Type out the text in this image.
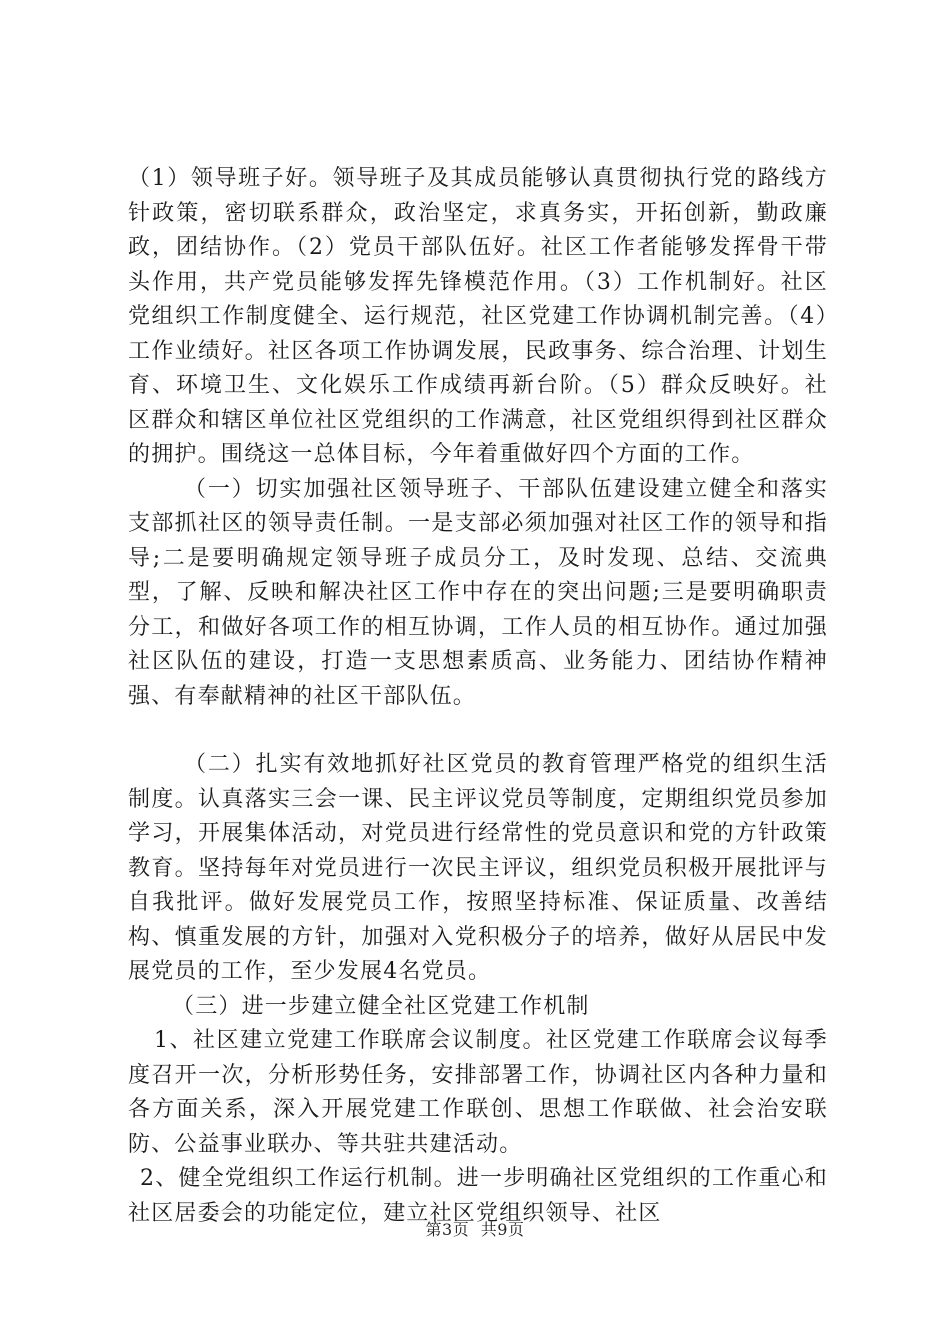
（1）领导班子好。领导班子及其成员能够认真贯彻执行党的路线方针政策，密切联系群众，政治坚定，求真务实，开拓创新，勤政廉政，团结协作。（2）党员干部队伍好。社区工作者能够发挥骨干带头作用，共产党员能够发挥先锋模范作用。（3）工作机制好。社区党组织工作制度健全、运行规范，社区党建工作协调机制完善。（4）工作业绩好。社区各项工作协调发展，民政事务、综合治理、计划生育、环境卫生、文化娱乐工作成绩再新台阶。（5）群众反映好。社区群众和辖区单位社区党组织的工作满意，社区党组织得到社区群众的拥护。围绕这一总体目标，今年着重做好四个方面的工作。

（一）切实加强社区领导班子、干部队伍建设建立健全和落实支部抓社区的领导责任制。一是支部必须加强对社区工作的领导和指导;二是要明确规定领导班子成员分工，及时发现、总结、交流典型，了解、反映和解决社区工作中存在的突出问题;三是要明确职责分工，和做好各项工作的相互协调，工作人员的相互协作。通过加强社区队伍的建设，打造一支思想素质高、业务能力、团结协作精神强、有奉献精神的社区干部队伍。

（二）扎实有效地抓好社区党员的教育管理严格党的组织生活制度。认真落实三会一课、民主评议党员等制度，定期组织党员参加学习，开展集体活动，对党员进行经常性的党员意识和党的方针政策教育。坚持每年对党员进行一次民主评议，组织党员积极开展批评与自我批评。做好发展党员工作，按照坚持标准、保证质量、改善结构、慎重发展的方针，加强对入党积极分子的培养，做好从居民中发展党员的工作，至少发展4名党员。

（三）进一步建立健全社区党建工作机制

1、社区建立党建工作联席会议制度。社区党建工作联席会议每季度召开一次，分析形势任务，安排部署工作，协调社区内各种力量和各方面关系，深入开展党建工作联创、思想工作联做、社会治安联防、公益事业联办、等共驻共建活动。

2、健全党组织工作运行机制。进一步明确社区党组织的工作重心和社区居委会的功能定位，建立社区党组织领导、社区

第3页 共9页
